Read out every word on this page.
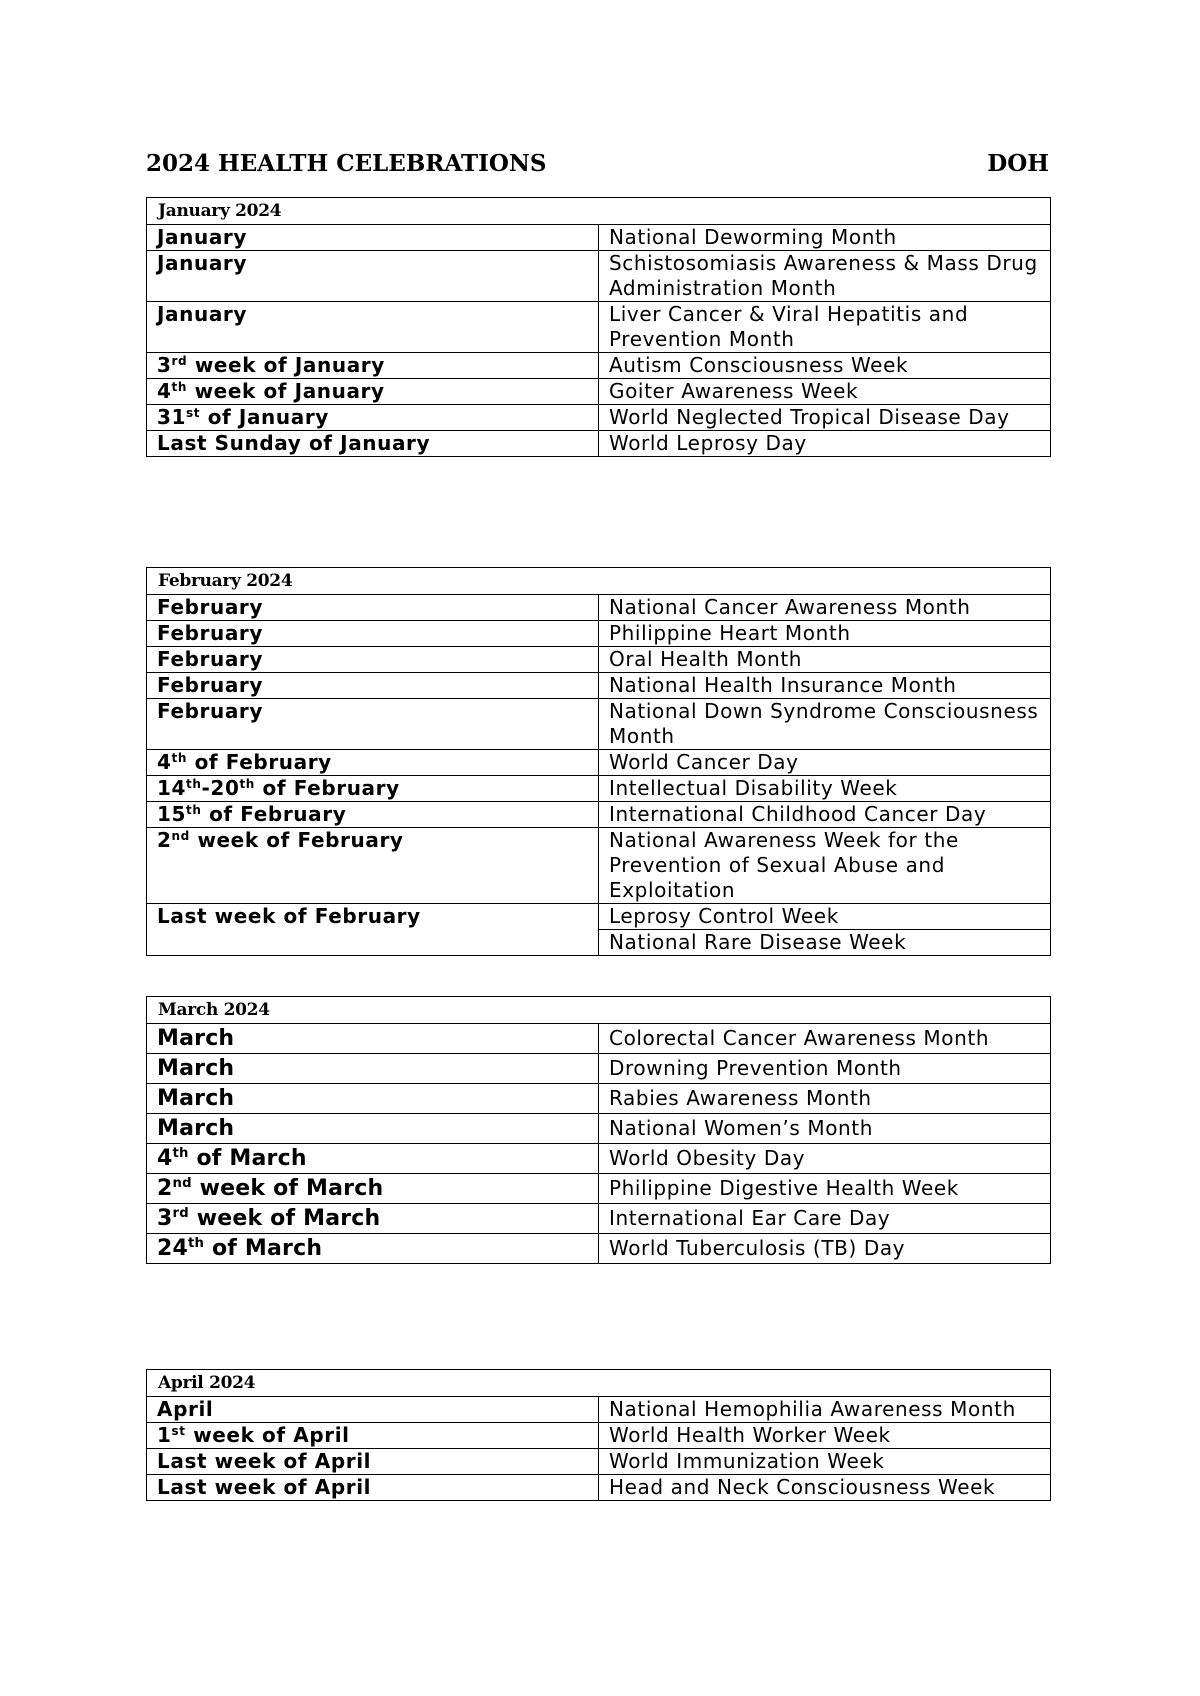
2024 HEALTH CELEBRATIONS	DOH
January 2024	
January	National Deworming Month
January	Schistosomiasis Awareness & Mass Drug Administration Month
January	Liver Cancer & Viral Hepatitis and Prevention Month
3rd week of January	Autism Consciousness Week
4th week of January	Goiter Awareness Week
31st of January	World Neglected Tropical Disease Day
Last Sunday of January	World Leprosy Day
February 2024	
February	National Cancer Awareness Month
February	Philippine Heart Month
February	Oral Health Month
February	National Health Insurance Month
February	National Down Syndrome Consciousness Month
4th of February	World Cancer Day
14th-20th of February	Intellectual Disability Week
15th of February	International Childhood Cancer Day
2nd week of February	National Awareness Week for the Prevention of Sexual Abuse and Exploitation
Last week of February	Leprosy Control Week
	National Rare Disease Week
March 2024	
March	Colorectal Cancer Awareness Month
March	Drowning Prevention Month
March	Rabies Awareness Month
March	National Women’s Month
4th of March	World Obesity Day
2nd week of March	Philippine Digestive Health Week
3rd week of March	International Ear Care Day
24th of March	World Tuberculosis (TB) Day
April 2024	
April	National Hemophilia Awareness Month
1st week of April	World Health Worker Week
Last week of April	World Immunization Week
Last week of April	Head and Neck Consciousness Week
